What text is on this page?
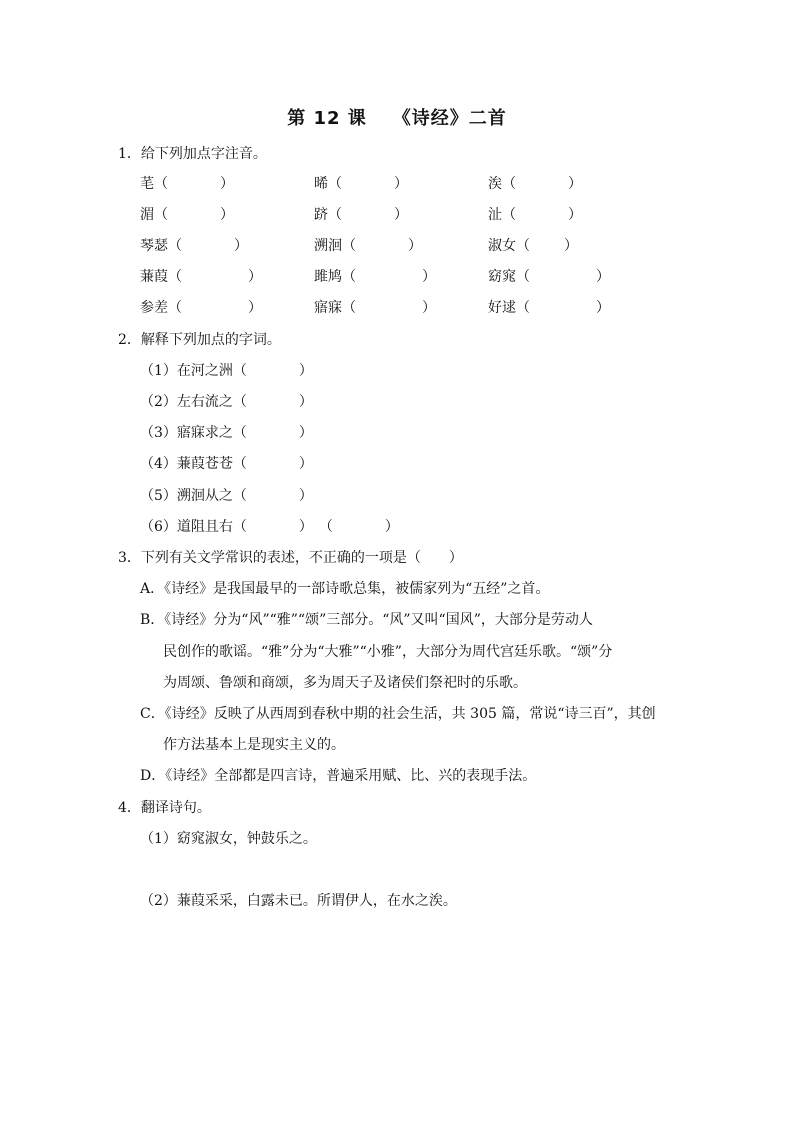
第 12 课 《诗经》二首
1．给下列加点字注音。
芼（	）	晞（	）	涘（	）
湄（	）	跻（	）	沚（	）
琴瑟（	）	溯洄（	）	淑女（ ）
蒹葭（	）	雎鸠（	）	窈窕（	）
参差（	）	寤寐（	）	好逑（	）
2．解释下列加点的字词。
（1）在河之洲（	）
（2）左右流之（	）
（3）寤寐求之（	）
（4）蒹葭苍苍（	）
（5）溯洄从之（	）
（6）道阻且右（	） （	）
3．下列有关文学常识的表述，不正确的一项是（　　）
A．《诗经》是我国最早的一部诗歌总集，被儒家列为“五经”之首。
B．《诗经》分为“风”“雅”“颂”三部分。“风”又叫“国风”，大部分是劳动人
民创作的歌谣。“雅”分为“大雅”“小雅”，大部分为周代宫廷乐歌。“颂”分
为周颂、鲁颂和商颂，多为周天子及诸侯们祭祀时的乐歌。
C．《诗经》反映了从西周到春秋中期的社会生活，共 305 篇，常说“诗三百”，其创
作方法基本上是现实主义的。
D．《诗经》全部都是四言诗，普遍采用赋、比、兴的表现手法。
4．翻译诗句。
（1）窈窕淑女，钟鼓乐之。
（2）蒹葭采采，白露未已。所谓伊人，在水之涘。
